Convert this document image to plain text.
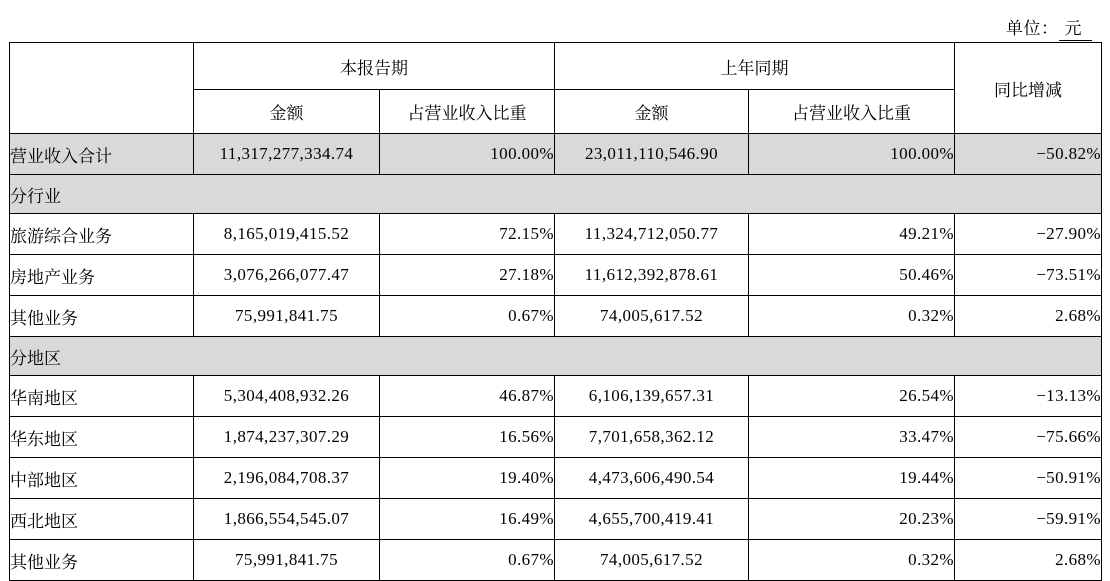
单位： 元
	本报告期		上年同期		同比增减
	金额	占营业收入比重	金额	占营业收入比重	
营业收入合计	11,317,277,334.74	100.00%	23,011,110,546.90	100.00%	−50.82%
分行业					
旅游综合业务	8,165,019,415.52	72.15%	11,324,712,050.77	49.21%	−27.90%
房地产业务	3,076,266,077.47	27.18%	11,612,392,878.61	50.46%	−73.51%
其他业务	75,991,841.75	0.67%	74,005,617.52	0.32%	2.68%
分地区					
华南地区	5,304,408,932.26	46.87%	6,106,139,657.31	26.54%	−13.13%
华东地区	1,874,237,307.29	16.56%	7,701,658,362.12	33.47%	−75.66%
中部地区	2,196,084,708.37	19.40%	4,473,606,490.54	19.44%	−50.91%
西北地区	1,866,554,545.07	16.49%	4,655,700,419.41	20.23%	−59.91%
其他业务	75,991,841.75	0.67%	74,005,617.52	0.32%	2.68%
